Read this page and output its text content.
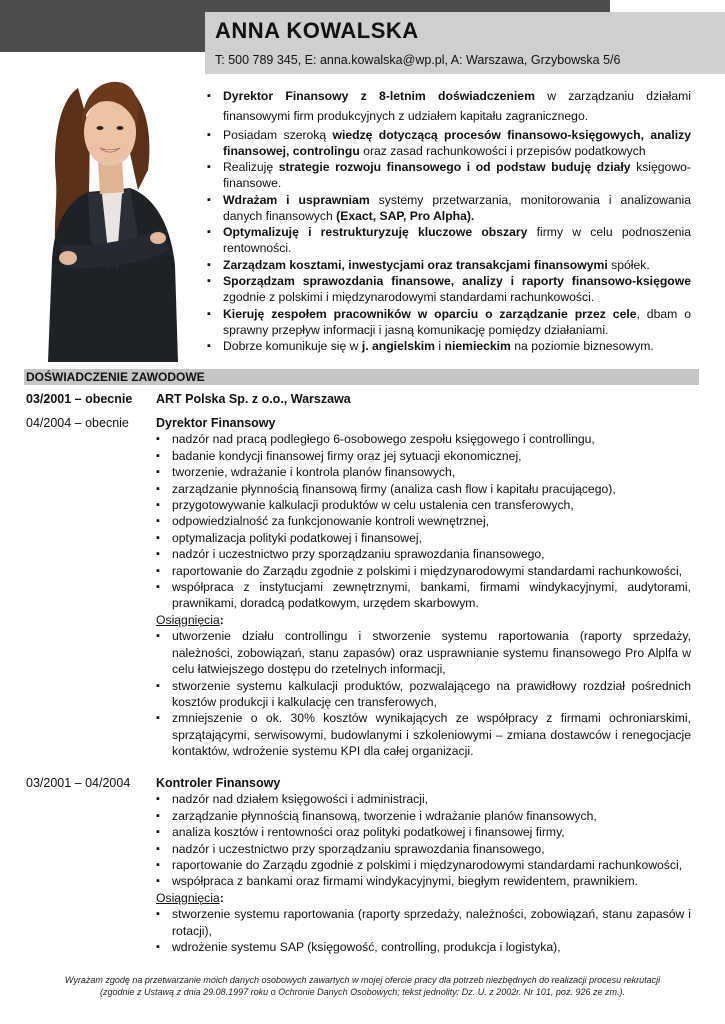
ANNA KOWALSKA
T: 500 789 345, E: anna.kowalska@wp.pl, A: Warszawa, Grzybowska 5/6
▪ Dyrektor Finansowy z 8-letnim doświadczeniem w zarządzaniu działami finansowymi firm produkcyjnych z udziałem kapitału zagranicznego.
▪ Posiadam szeroką wiedzę dotyczącą procesów finansowo-księgowych, analizy finansowej, controlingu oraz zasad rachunkowości i przepisów podatkowych
▪ Realizuję strategie rozwoju finansowego i od podstaw buduję działy księgowo-finansowe.
▪ Wdrażam i usprawniam systemy przetwarzania, monitorowania i analizowania danych finansowych (Exact, SAP, Pro Alpha).
▪ Optymalizuję i restrukturyzuję kluczowe obszary firmy w celu podnoszenia rentowności.
▪ Zarządzam kosztami, inwestycjami oraz transakcjami finansowymi spółek.
▪ Sporządzam sprawozdania finansowe, analizy i raporty finansowo-księgowe zgodnie z polskimi i międzynarodowymi standardami rachunkowości.
▪ Kieruję zespołem pracowników w oparciu o zarządzanie przez cele, dbam o sprawny przepływ informacji i jasną komunikację pomiędzy działaniami.
▪ Dobrze komunikuje się w j. angielskim i niemieckim na poziomie biznesowym.
DOŚWIADCZENIE ZAWODOWE
03/2001 – obecnie ART Polska Sp. z o.o., Warszawa
04/2004 – obecnie Dyrektor Finansowy
▪ nadzór nad pracą podległego 6-osobowego zespołu księgowego i controllingu,
▪ badanie kondycji finansowej firmy oraz jej sytuacji ekonomicznej,
▪ tworzenie, wdrażanie i kontrola planów finansowych,
▪ zarządzanie płynnością finansową firmy (analiza cash flow i kapitału pracującego),
▪ przygotowywanie kalkulacji produktów w celu ustalenia cen transferowych,
▪ odpowiedzialność za funkcjonowanie kontroli wewnętrznej,
▪ optymalizacja polityki podatkowej i finansowej,
▪ nadzór i uczestnictwo przy sporządzaniu sprawozdania finansowego,
▪ raportowanie do Zarządu zgodnie z polskimi i międzynarodowymi standardami rachunkowości,
▪ współpraca z instytucjami zewnętrznymi, bankami, firmami windykacyjnymi, audytorami, prawnikami, doradcą podatkowym, urzędem skarbowym.
Osiągnięcia:
▪ utworzenie działu controllingu i stworzenie systemu raportowania (raporty sprzedaży, należności, zobowiązań, stanu zapasów) oraz usprawnianie systemu finansowego Pro Alplfa w celu łatwiejszego dostępu do rzetelnych informacji,
▪ stworzenie systemu kalkulacji produktów, pozwalającego na prawidłowy rozdział pośrednich kosztów produkcji i kalkulację cen transferowych,
▪ zmniejszenie o ok. 30% kosztów wynikających ze współpracy z firmami ochroniarskimi, sprzątającymi, serwisowymi, budowlanymi i szkoleniowymi – zmiana dostawców i renegocjacje kontaktów, wdrożenie systemu KPI dla całej organizacji.
03/2001 – 04/2004 Kontroler Finansowy
▪ nadzór nad działem księgowości i administracji,
▪ zarządzanie płynnością finansową, tworzenie i wdrażanie planów finansowych,
▪ analiza kosztów i rentowności oraz polityki podatkowej i finansowej firmy,
▪ nadzór i uczestnictwo przy sporządzaniu sprawozdania finansowego,
▪ raportowanie do Zarządu zgodnie z polskimi i międzynarodowymi standardami rachunkowości,
▪ współpraca z bankami oraz firmami windykacyjnymi, biegłym rewidentem, prawnikiem.
Osiągnięcia:
▪ stworzenie systemu raportowania (raporty sprzedaży, należności, zobowiązań, stanu zapasów i rotacji),
▪ wdrożenie systemu SAP (księgowość, controlling, produkcja i logistyka),
Wyrażam zgodę na przetwarzanie moich danych osobowych zawartych w mojej ofercie pracy dla potrzeb niezbędnych do realizacji procesu rekrutacji
(zgodnie z Ustawą z dnia 29.08.1997 roku o Ochronie Danych Osobowych; tekst jednolity: Dz. U. z 2002r. Nr 101, poz. 926 ze zm.).
